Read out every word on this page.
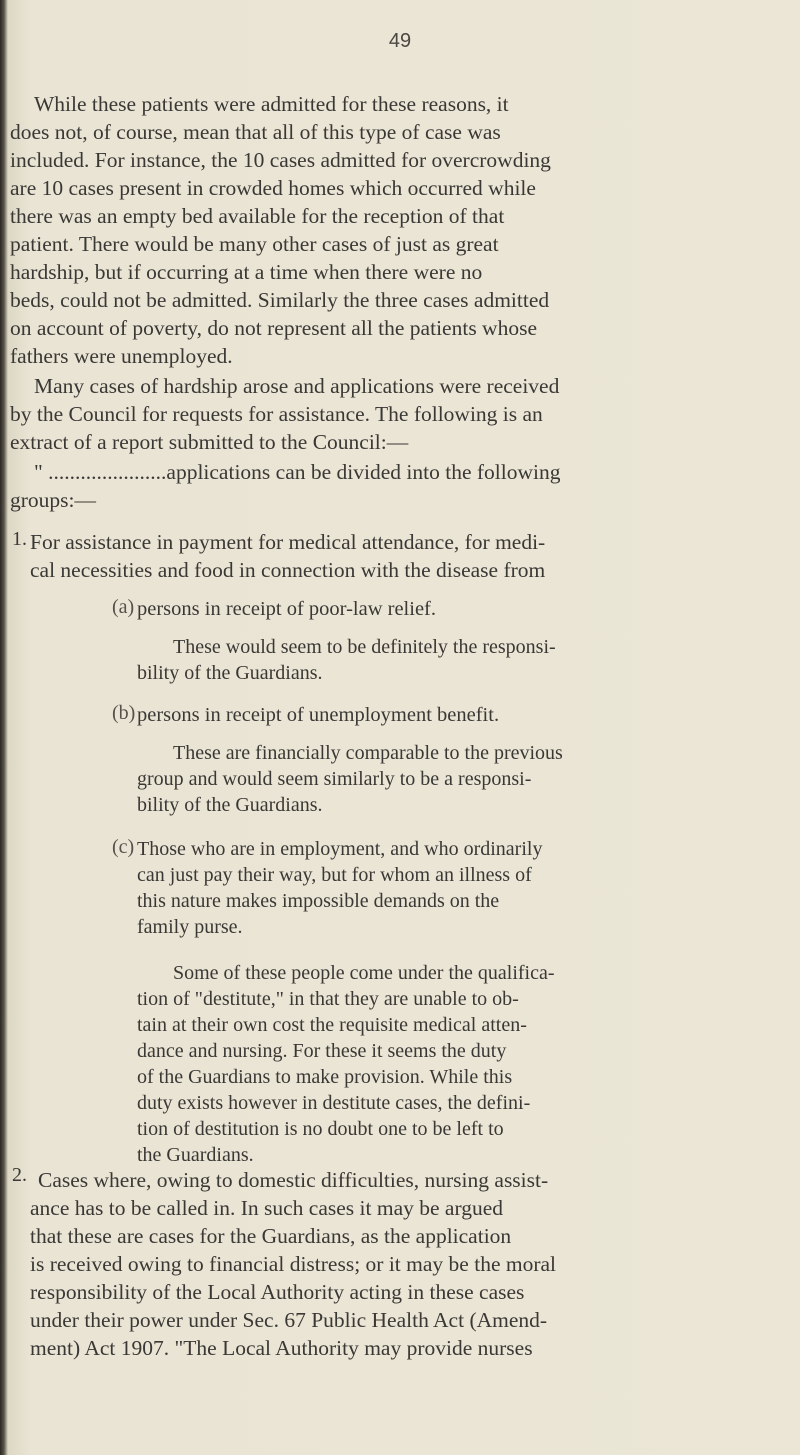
49
While these patients were admitted for these reasons, it
does not, of course, mean that all of this type of case was
included. For instance, the 10 cases admitted for overcrowding
are 10 cases present in crowded homes which occurred while
there was an empty bed available for the reception of that
patient. There would be many other cases of just as great
hardship, but if occurring at a time when there were no
beds, could not be admitted. Similarly the three cases admitted
on account of poverty, do not represent all the patients whose
fathers were unemployed.
Many cases of hardship arose and applications were received
by the Council for requests for assistance. The following is an
extract of a report submitted to the Council:—
" ......................applications can be divided into the following
groups:—
1. For assistance in payment for medical attendance, for medi-
cal necessities and food in connection with the disease from
(a) persons in receipt of poor-law relief.
These would seem to be definitely the responsi-
bility of the Guardians.
(b) persons in receipt of unemployment benefit.
These are financially comparable to the previous
group and would seem similarly to be a responsi-
bility of the Guardians.
(c) Those who are in employment, and who ordinarily
can just pay their way, but for whom an illness of
this nature makes impossible demands on the
family purse.
Some of these people come under the qualifica-
tion of "destitute," in that they are unable to ob-
tain at their own cost the requisite medical atten-
dance and nursing. For these it seems the duty
of the Guardians to make provision. While this
duty exists however in destitute cases, the defini-
tion of destitution is no doubt one to be left to
the Guardians.
2. Cases where, owing to domestic difficulties, nursing assist-
ance has to be called in. In such cases it may be argued
that these are cases for the Guardians, as the application
is received owing to financial distress; or it may be the moral
responsibility of the Local Authority acting in these cases
under their power under Sec. 67 Public Health Act (Amend-
ment) Act 1907. "The Local Authority may provide nurses
